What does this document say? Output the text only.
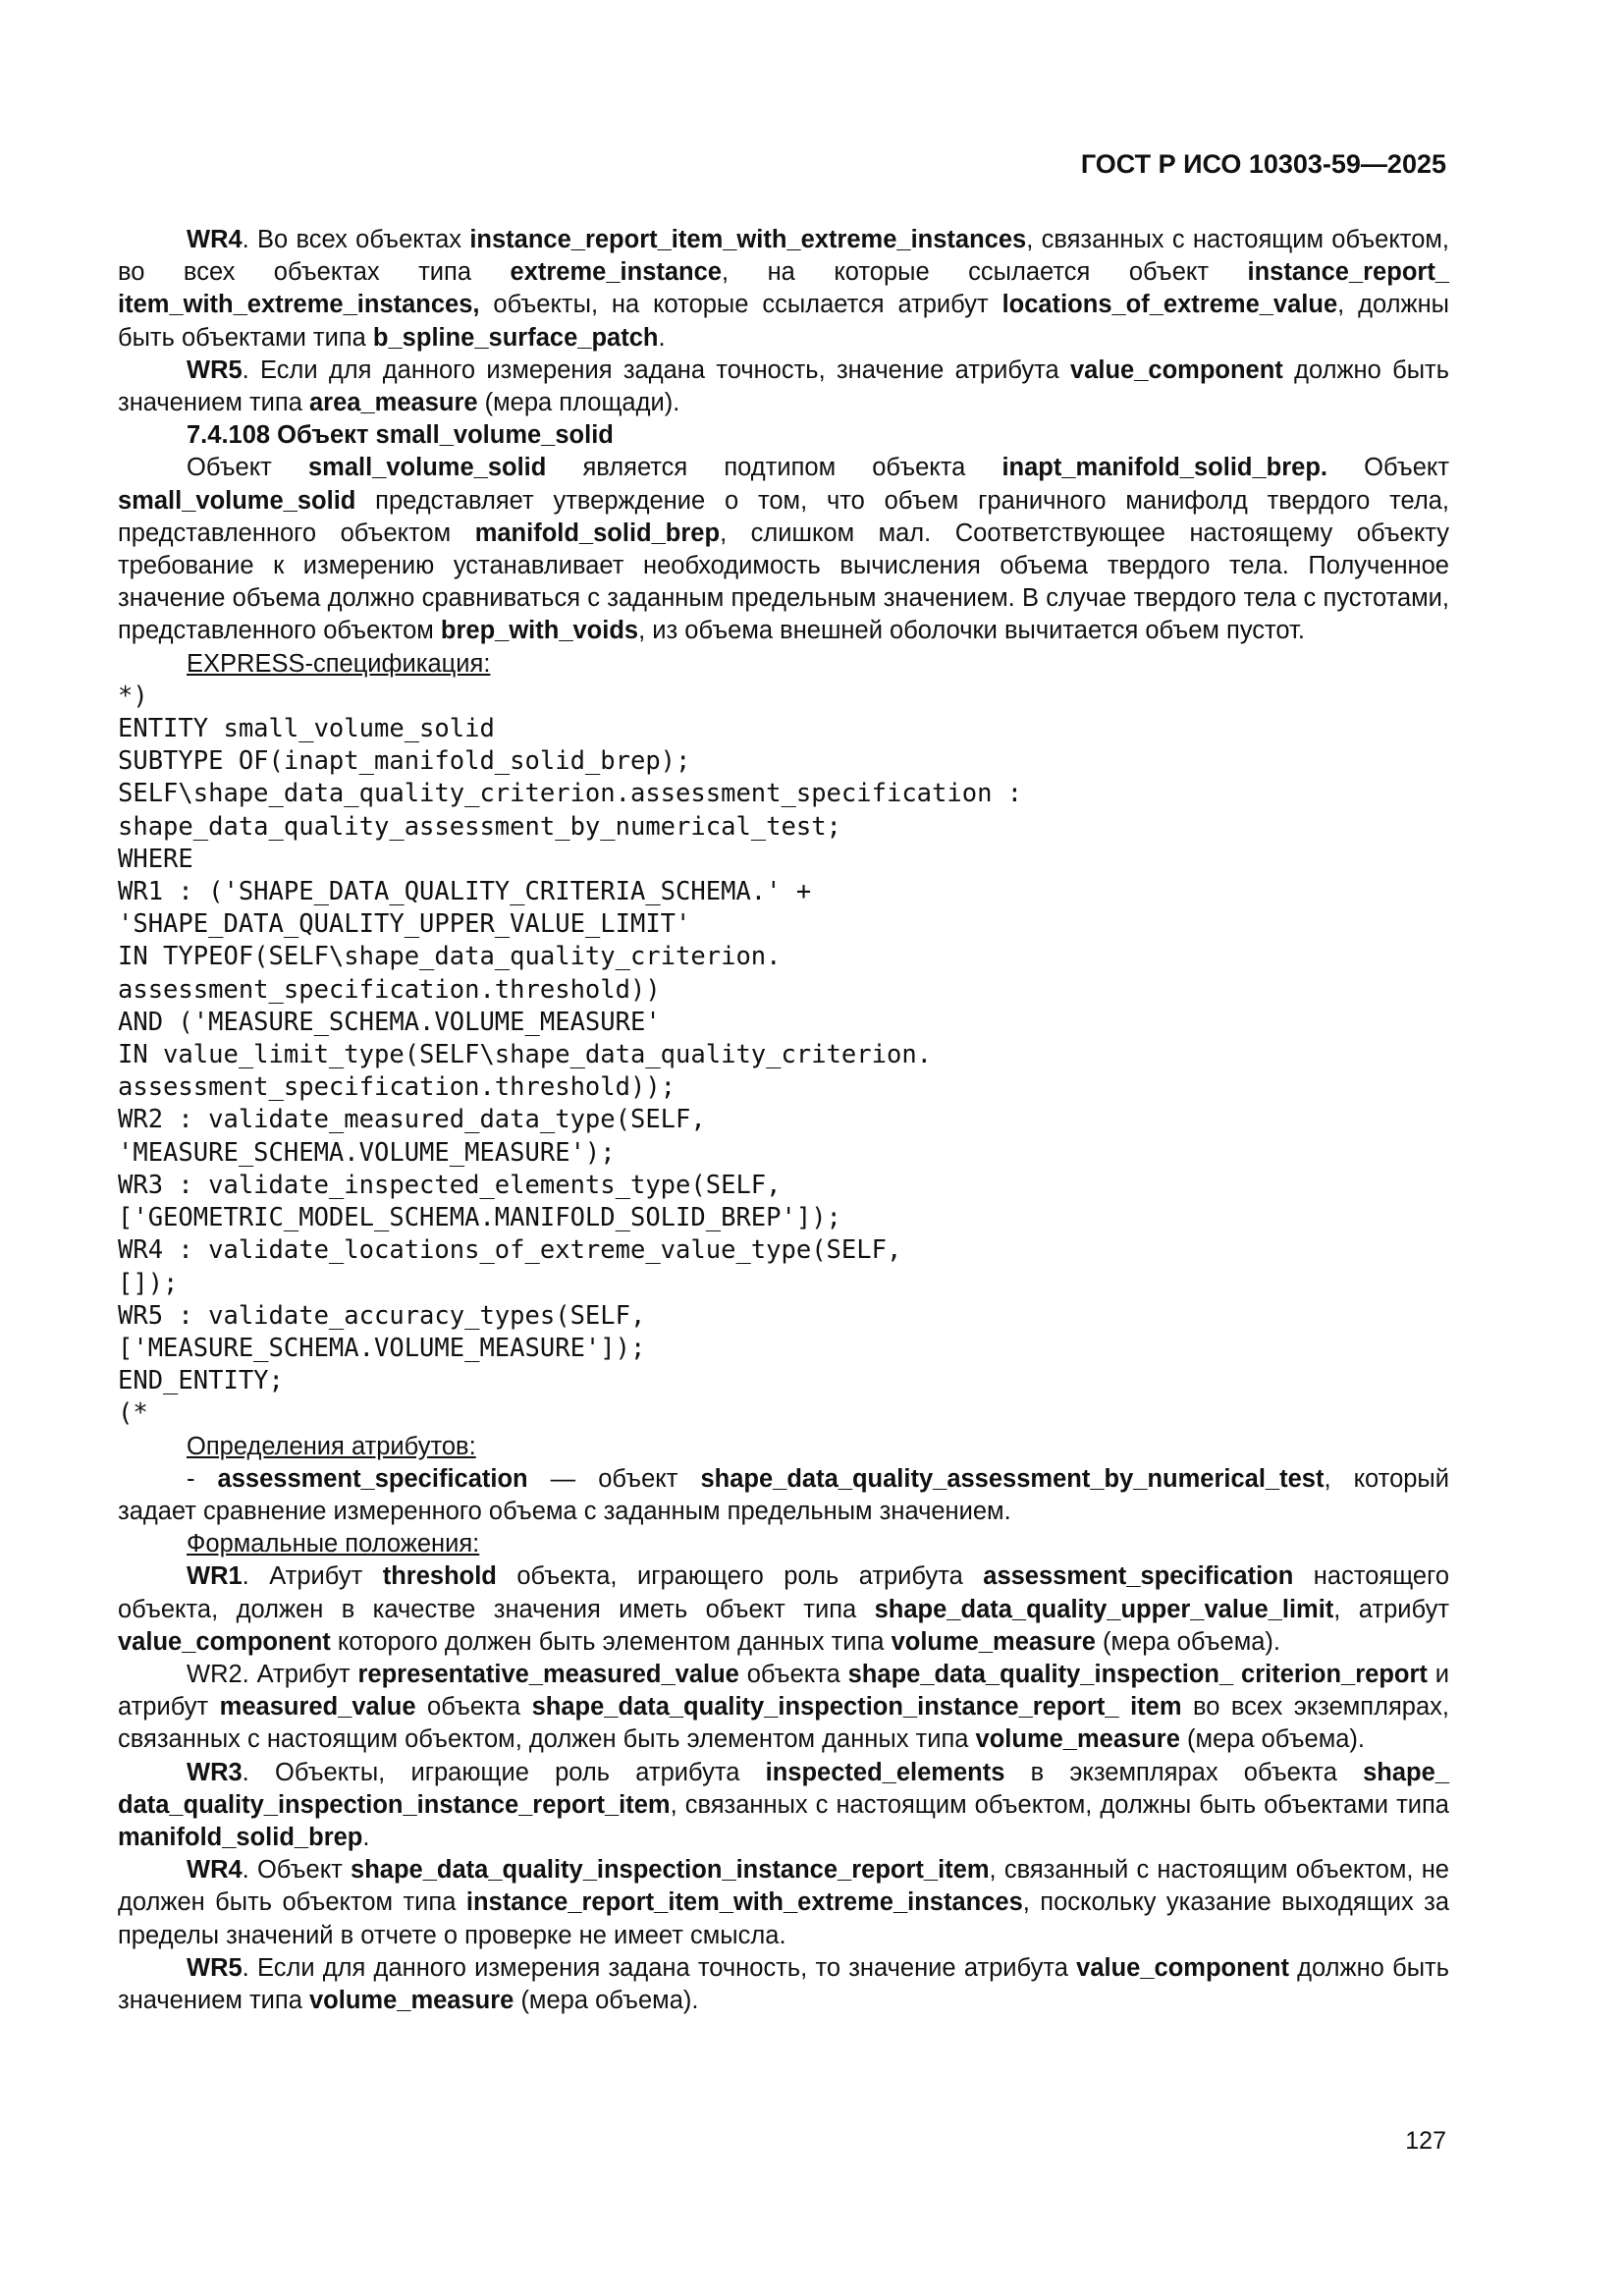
ГОСТ Р ИСО 10303-59—2025

WR4. Во всех объектах instance_report_item_with_extreme_instances, связанных с настоящим объектом, во всех объектах типа extreme_instance, на которые ссылается объект instance_report_ item_with_extreme_instances, объекты, на которые ссылается атрибут locations_of_extreme_value, должны быть объектами типа b_spline_surface_patch.

WR5. Если для данного измерения задана точность, значение атрибута value_component должно быть значением типа area_measure (мера площади).

7.4.108 Объект small_volume_solid

Объект small_volume_solid является подтипом объекта inapt_manifold_solid_brep. Объект small_volume_solid представляет утверждение о том, что объем граничного манифолд твердого тела, представленного объектом manifold_solid_brep, слишком мал. Соответствующее настоящему объекту требование к измерению устанавливает необходимость вычисления объема твердого тела. Полученное значение объема должно сравниваться с заданным предельным значением. В случае твердого тела с пустотами, представленного объектом brep_with_voids, из объема внешней оболочки вычитается объем пустот.

EXPRESS-спецификация:

*)
ENTITY small_volume_solid
SUBTYPE OF(inapt_manifold_solid_brep);
SELF\shape_data_quality_criterion.assessment_specification :
shape_data_quality_assessment_by_numerical_test;
WHERE
WR1 : ('SHAPE_DATA_QUALITY_CRITERIA_SCHEMA.' +
'SHAPE_DATA_QUALITY_UPPER_VALUE_LIMIT'
IN TYPEOF(SELF\shape_data_quality_criterion.
assessment_specification.threshold))
AND ('MEASURE_SCHEMA.VOLUME_MEASURE'
IN value_limit_type(SELF\shape_data_quality_criterion.
assessment_specification.threshold));
WR2 : validate_measured_data_type(SELF,
'MEASURE_SCHEMA.VOLUME_MEASURE');
WR3 : validate_inspected_elements_type(SELF,
['GEOMETRIC_MODEL_SCHEMA.MANIFOLD_SOLID_BREP']);
WR4 : validate_locations_of_extreme_value_type(SELF,
[]);
WR5 : validate_accuracy_types(SELF,
['MEASURE_SCHEMA.VOLUME_MEASURE']);
END_ENTITY;
(*

Определения атрибутов:

- assessment_specification — объект shape_data_quality_assessment_by_numerical_test, который задает сравнение измеренного объема с заданным предельным значением.

Формальные положения:

WR1. Атрибут threshold объекта, играющего роль атрибута assessment_specification настоящего объекта, должен в качестве значения иметь объект типа shape_data_quality_upper_value_limit, атрибут value_component которого должен быть элементом данных типа volume_measure (мера объема).

WR2. Атрибут representative_measured_value объекта shape_data_quality_inspection_ criterion_report и атрибут measured_value объекта shape_data_quality_inspection_instance_report_ item во всех экземплярах, связанных с настоящим объектом, должен быть элементом данных типа volume_measure (мера объема).

WR3. Объекты, играющие роль атрибута inspected_elements в экземплярах объекта shape_ data_quality_inspection_instance_report_item, связанных с настоящим объектом, должны быть объектами типа manifold_solid_brep.

WR4. Объект shape_data_quality_inspection_instance_report_item, связанный с настоящим объектом, не должен быть объектом типа instance_report_item_with_extreme_instances, поскольку указание выходящих за пределы значений в отчете о проверке не имеет смысла.

WR5. Если для данного измерения задана точность, то значение атрибута value_component должно быть значением типа volume_measure (мера объема).

127
